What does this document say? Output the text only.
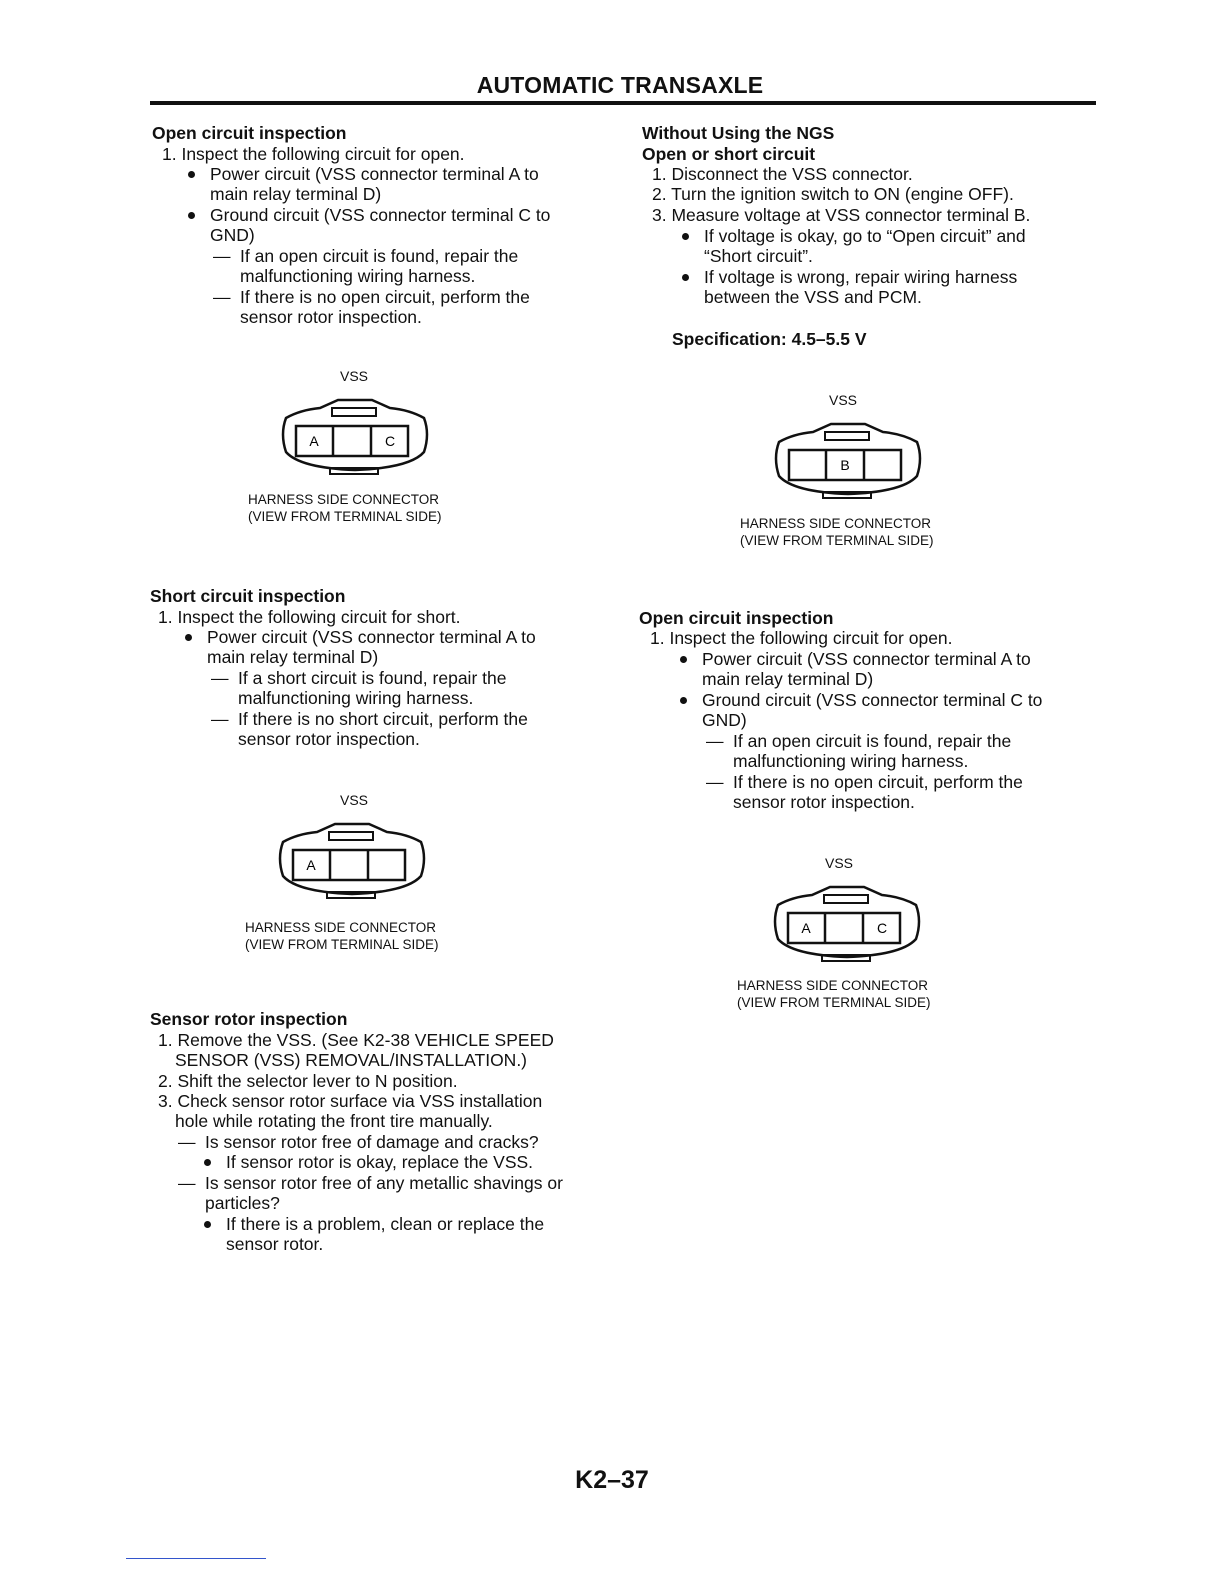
AUTOMATIC TRANSAXLE
Open circuit inspection
1. Inspect the following circuit for open.
Power circuit (VSS connector terminal A to
main relay terminal D)
Ground circuit (VSS connector terminal C to
GND)
— If an open circuit is found, repair the
malfunctioning wiring harness.
— If there is no open circuit, perform the
sensor rotor inspection.
VSS
A	C
HARNESS SIDE CONNECTOR
(VIEW FROM TERMINAL SIDE)
Short circuit inspection
1. Inspect the following circuit for short.
Power circuit (VSS connector terminal A to
main relay terminal D)
— If a short circuit is found, repair the
malfunctioning wiring harness.
— If there is no short circuit, perform the
sensor rotor inspection.
VSS
A
HARNESS SIDE CONNECTOR
(VIEW FROM TERMINAL SIDE)
Sensor rotor inspection
1. Remove the VSS. (See K2-38 VEHICLE SPEED
SENSOR (VSS) REMOVAL/INSTALLATION.)
2. Shift the selector lever to N position.
3. Check sensor rotor surface via VSS installation
hole while rotating the front tire manually.
— Is sensor rotor free of damage and cracks?
If sensor rotor is okay, replace the VSS.
— Is sensor rotor free of any metallic shavings or
particles?
If there is a problem, clean or replace the
sensor rotor.
Without Using the NGS
Open or short circuit
1. Disconnect the VSS connector.
2. Turn the ignition switch to ON (engine OFF).
3. Measure voltage at VSS connector terminal B.
If voltage is okay, go to “Open circuit” and
“Short circuit”.
If voltage is wrong, repair wiring harness
between the VSS and PCM.
Specification: 4.5–5.5 V
VSS
B
HARNESS SIDE CONNECTOR
(VIEW FROM TERMINAL SIDE)
Open circuit inspection
1. Inspect the following circuit for open.
Power circuit (VSS connector terminal A to
main relay terminal D)
Ground circuit (VSS connector terminal C to
GND)
— If an open circuit is found, repair the
malfunctioning wiring harness.
— If there is no open circuit, perform the
sensor rotor inspection.
VSS
A	C
HARNESS SIDE CONNECTOR
(VIEW FROM TERMINAL SIDE)
K2–37
